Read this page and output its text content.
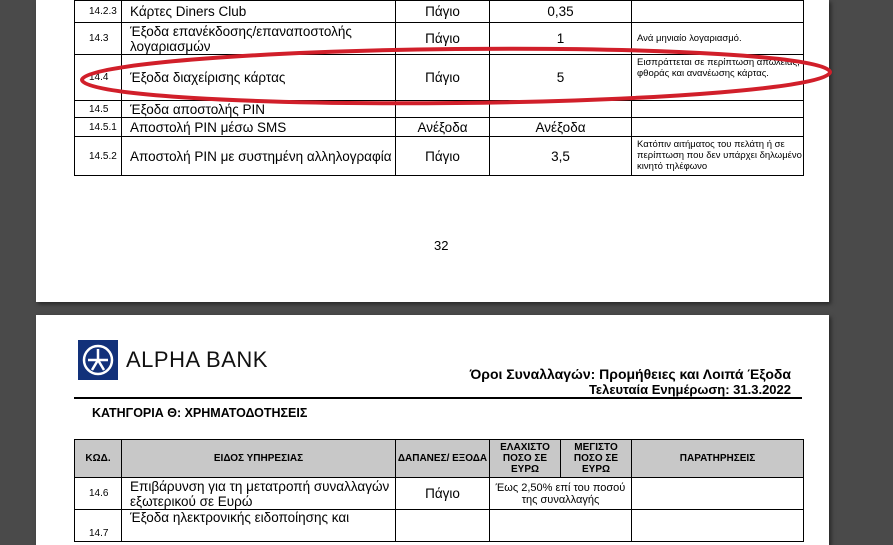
14.2.3	Κάρτες Diners Club	Πάγιο	0,35	
14.3	Έξοδα επανέκδοσης/επαναποστολής λογαριασμών	Πάγιο	1	Ανά μηνιαίο λογαριασμό.
14.4	Έξοδα διαχείρισης κάρτας	Πάγιο	5	Εισπράττεται σε περίπτωση απώλειας, φθοράς και ανανέωσης κάρτας.
14.5	Έξοδα αποστολής PIN			
14.5.1	Αποστολή PIN μέσω SMS	Ανέξοδα	Ανέξοδα	
14.5.2	Αποστολή PIN με συστημένη αλληλογραφία	Πάγιο	3,5	Κατόπιν αιτήματος του πελάτη ή σε περίπτωση που δεν υπάρχει δηλωμένο κινητό τηλέφωνο
32
ALPHA BANK
Όροι Συναλλαγών: Προμήθειες και Λοιπά Έξοδα
Τελευταία Ενημέρωση: 31.3.2022
ΚΑΤΗΓΟΡΙΑ Θ: ΧΡΗΜΑΤΟΔΟΤΗΣΕΙΣ
ΚΩΔ.	ΕΙΔΟΣ ΥΠΗΡΕΣΙΑΣ	ΔΑΠΑΝΕΣ/ ΕΞΟΔΑ	ΕΛΑΧΙΣΤΟ ΠΟΣΟ ΣΕ ΕΥΡΩ	ΜΕΓΙΣΤΟ ΠΟΣΟ ΣΕ ΕΥΡΩ	ΠΑΡΑΤΗΡΗΣΕΙΣ
14.6	Επιβάρυνση για τη μετατροπή συναλλαγών εξωτερικού σε Ευρώ	Πάγιο	Έως 2,50% επί του ποσού της συναλλαγής		
14.7	Έξοδα ηλεκτρονικής ειδοποίησης και				
